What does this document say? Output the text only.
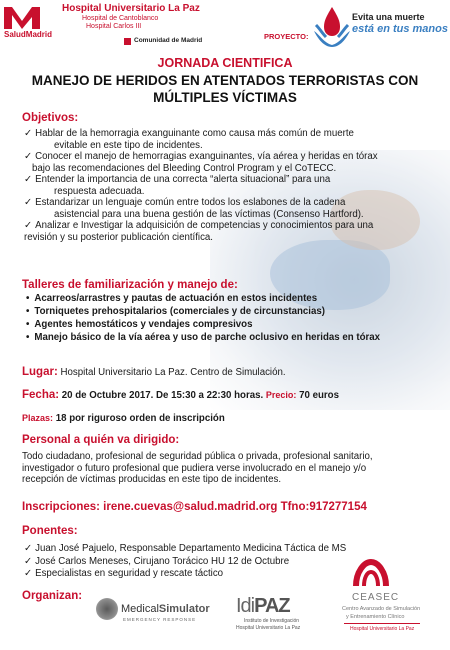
SaludMadrid
Hospital Universitario La Paz
Hospital de Cantoblanco
Hospital Carlos III
Comunidad de Madrid	PROYECTO:
Evita una muerte
está en tus manos
JORNADA CIENTIFICA
MANEJO DE HERIDOS EN ATENTADOS TERRORISTAS CON
MÚLTIPLES VÍCTIMAS
Objetivos:
✓ Hablar de la hemorragia exanguinante como causa más común de muerte
evitable en este tipo de incidentes.
✓ Conocer el manejo de hemorragias exanguinantes, vía aérea y heridas en tórax
bajo las recomendaciones del Bleeding Control Program y el CoTECC.
✓ Entender la importancia de una correcta “alerta situacional” para una
respuesta adecuada.
✓ Estandarizar un lenguaje común entre todos los eslabones de la cadena
asistencial para una buena gestión de las víctimas (Consenso Hartford).
✓ Analizar e Investigar la adquisición de competencias y conocimientos para una
revisión y su posterior publicación científica.
Talleres de familiarización y manejo de:
• Acarreos/arrastres y pautas de actuación en estos incidentes
• Torniquetes prehospitalarios (comerciales y de circunstancias)
• Agentes hemostáticos y vendajes compresivos
• Manejo básico de la vía aérea y uso de parche oclusivo en heridas en tórax
Lugar: Hospital Universitario La Paz. Centro de Simulación.
Fecha: 20 de Octubre 2017. De 15:30 a 22:30 horas. Precio: 70 euros
Plazas: 18 por riguroso orden de inscripción
Personal a quién va dirigido:
Todo ciudadano, profesional de seguridad pública o privada, profesional sanitario,
investigador o futuro profesional que pudiera verse involucrado en el manejo y/o
recepción de víctimas producidas en este tipo de incidentes.
Inscripciones: irene.cuevas@salud.madrid.org Tfno:917277154
Ponentes:
✓ Juan José Pajuelo, Responsable Departamento Medicina Táctica de MS
✓ José Carlos Meneses, Cirujano Torácico HU 12 de Octubre
✓ Especialistas en seguridad y rescate táctico
Organizan:
MedicalSimulator
EMERGENCY RESPONSE
IdiPAZ
Instituto de Investigación
Hospital Universitario La Paz
CEASEC
Centro Avanzado de Simulación
y Entrenamiento Clínico
Hospital Universitario La Paz
